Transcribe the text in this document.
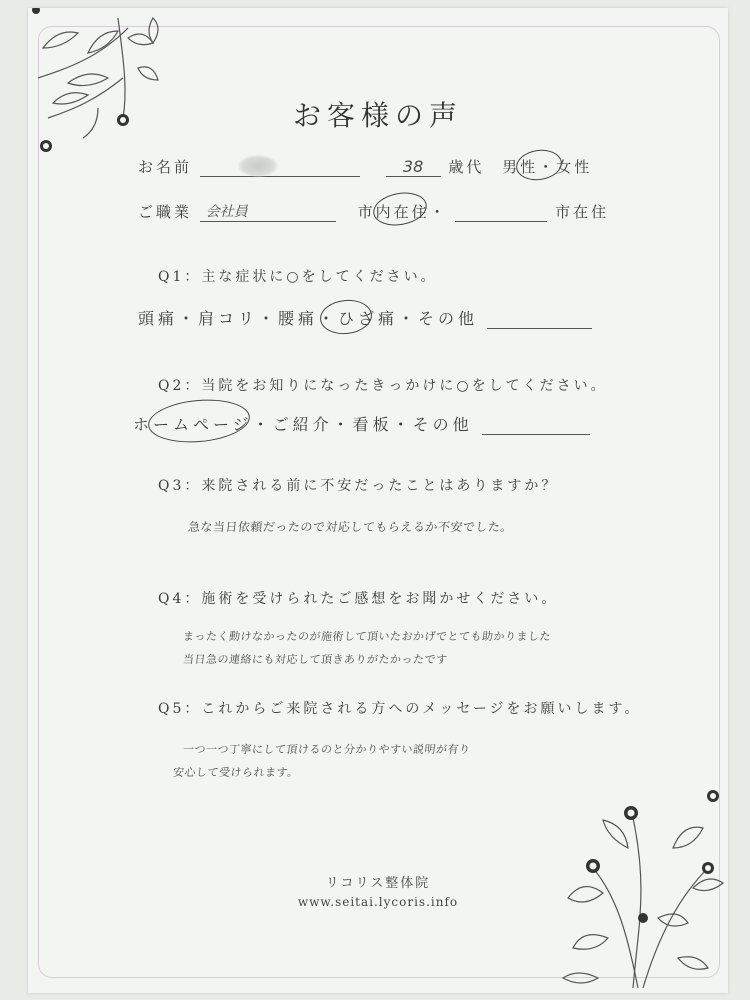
お客様の声
お名前	38 歳代 男性・女性
ご職業 会社員	市内在住・	市在住
Q1：主な症状に○をしてください。
頭痛・肩コリ・腰痛・ひざ痛・その他
Q2：当院をお知りになったきっかけに○をしてください。
ホームページ・ご紹介・看板・その他
Q3：来院される前に不安だったことはありますか？
急な当日依頼だったので対応してもらえるか不安でした。
Q4：施術を受けられたご感想をお聞かせください。
まったく動けなかったのが施術して頂いたおかげでとても助かりました
当日急の連絡にも対応して頂きありがたかったです
Q5：これからご来院される方へのメッセージをお願いします。
一つ一つ丁寧にして頂けるのと分かりやすい説明が有り
安心して受けられます。
リコリス整体院
www.seitai.lycoris.info
